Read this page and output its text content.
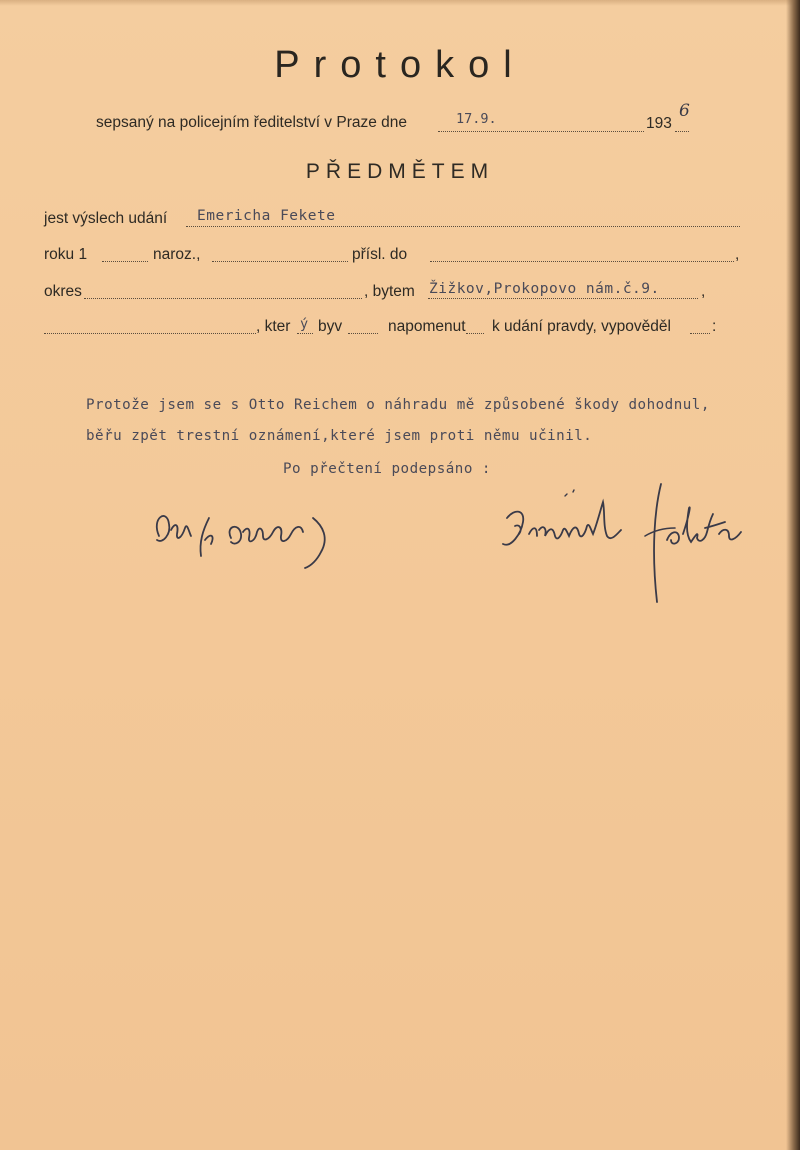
Protokol
sepsaný na policejním ředitelství v Praze dne	17.9.	193
6
PŘEDMĚTEM
jest výslech udání Emericha Fekete
roku 1	naroz.,	přísl. do	,
okres	, bytem Žižkov,Prokopovo nám.č.9.	,
, kter ý byv	napomenut k udání pravdy, vypověděl	:
Protože jsem se s Otto Reichem o náhradu mě způsobené škody dohodnul,
běřu zpět trestní oznámení,které jsem proti němu učinil.
Po přečtení podepsáno :
